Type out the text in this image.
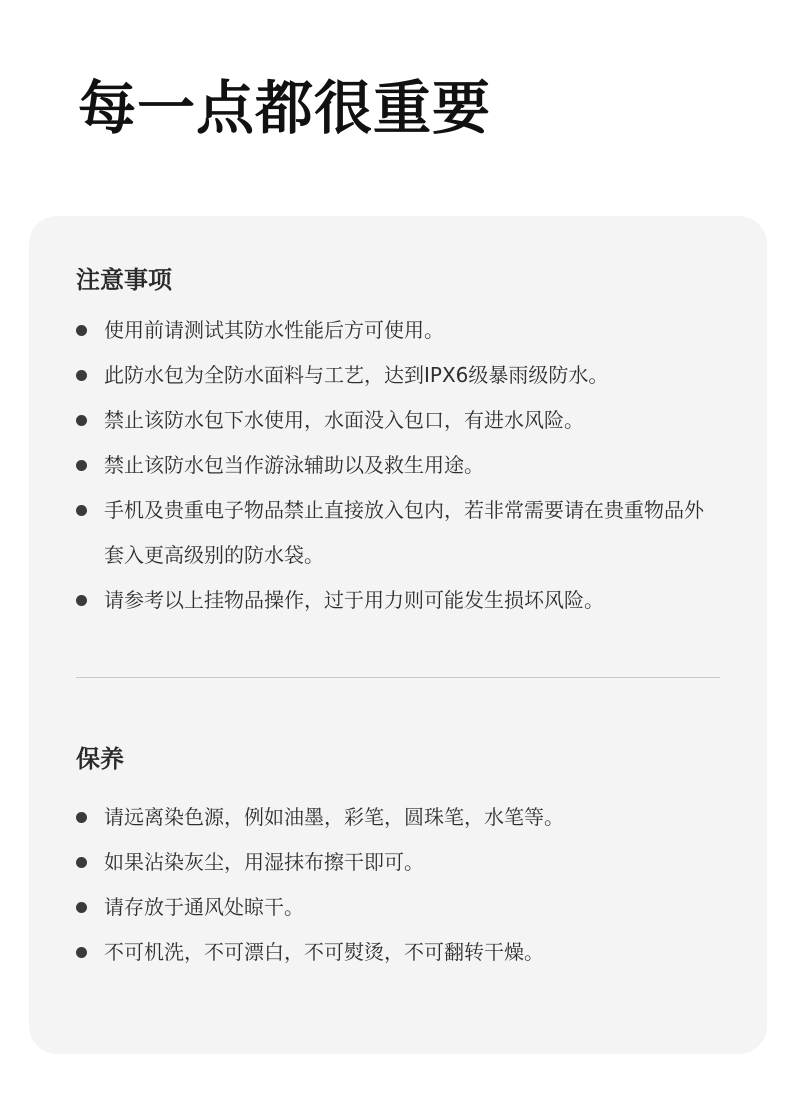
每一点都很重要
注意事项
使用前请测试其防水性能后方可使用。
此防水包为全防水面料与工艺，达到IPX6级暴雨级防水。
禁止该防水包下水使用，水面没入包口，有进水风险。
禁止该防水包当作游泳辅助以及救生用途。
手机及贵重电子物品禁止直接放入包内，若非常需要请在贵重物品外套入更高级别的防水袋。
请参考以上挂物品操作，过于用力则可能发生损坏风险。
保养
请远离染色源，例如油墨，彩笔，圆珠笔，水笔等。
如果沾染灰尘，用湿抹布擦干即可。
请存放于通风处晾干。
不可机洗，不可漂白，不可熨烫，不可翻转干燥。
